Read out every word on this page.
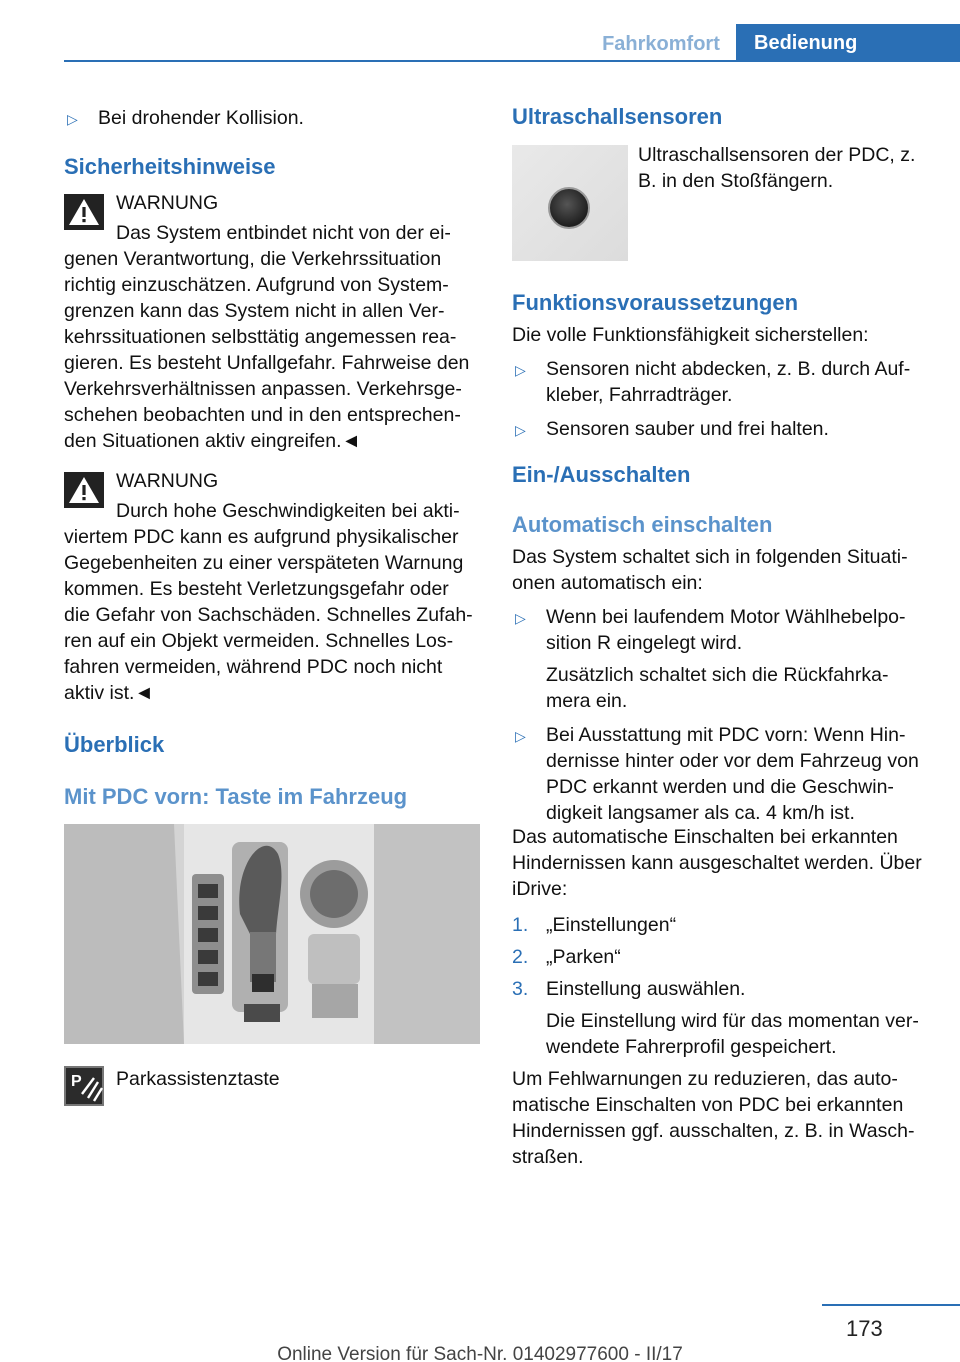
Fahrkomfort	Bedienung
▷ Bei drohender Kollision.
Sicherheitshinweise

WARNUNG

Das System entbindet nicht von der ei-

genen Verantwortung, die Verkehrssituation richtig einzuschätzen. Aufgrund von System-grenzen kann das System nicht in allen Ver-kehrssituationen selbsttätig angemessen rea-gieren. Es besteht Unfallgefahr. Fahrweise den Verkehrsverhältnissen anpassen. Verkehrsge-schehen beobachten und in den entsprechen-den Situationen aktiv eingreifen.◄

WARNUNG

Durch hohe Geschwindigkeiten bei akti-

viertem PDC kann es aufgrund physikalischer Gegebenheiten zu einer verspäteten Warnung kommen. Es besteht Verletzungsgefahr oder die Gefahr von Sachschäden. Schnelles Zufah-ren auf ein Objekt vermeiden. Schnelles Los-fahren vermeiden, während PDC noch nicht aktiv ist.◄

Überblick
Mit PDC vorn: Taste im Fahrzeug
P	Parkassistenztaste

Ultraschallsensoren

Ultraschallsensoren der PDC, z. B. in den Stoßfängern.

Funktionsvoraussetzungen

Die volle Funktionsfähigkeit sicherstellen:

▷ Sensoren nicht abdecken, z. B. durch Auf-kleber, Fahrradträger.
▷ Sensoren sauber und frei halten.
Ein-/Ausschalten
Automatisch einschalten

Das System schaltet sich in folgenden Situati-onen automatisch ein:

▷ Wenn bei laufendem Motor Wählhebelpo-sition R eingelegt wird.

Zusätzlich schaltet sich die Rückfahrka-mera ein.

▷ Bei Ausstattung mit PDC vorn: Wenn Hin-dernisse hinter oder vor dem Fahrzeug von PDC erkannt werden und die Geschwin-digkeit langsamer als ca. 4 km/h ist.

Das automatische Einschalten bei erkannten Hindernissen kann ausgeschaltet werden. Über iDrive:

1. „Einstellungen“

2. „Parken“

3. Einstellung auswählen.

Die Einstellung wird für das momentan ver-wendete Fahrerprofil gespeichert.

Um Fehlwarnungen zu reduzieren, das auto-matische Einschalten von PDC bei erkannten Hindernissen ggf. ausschalten, z. B. in Wasch-straßen.

173
Online Version für Sach-Nr. 01402977600 - II/17
